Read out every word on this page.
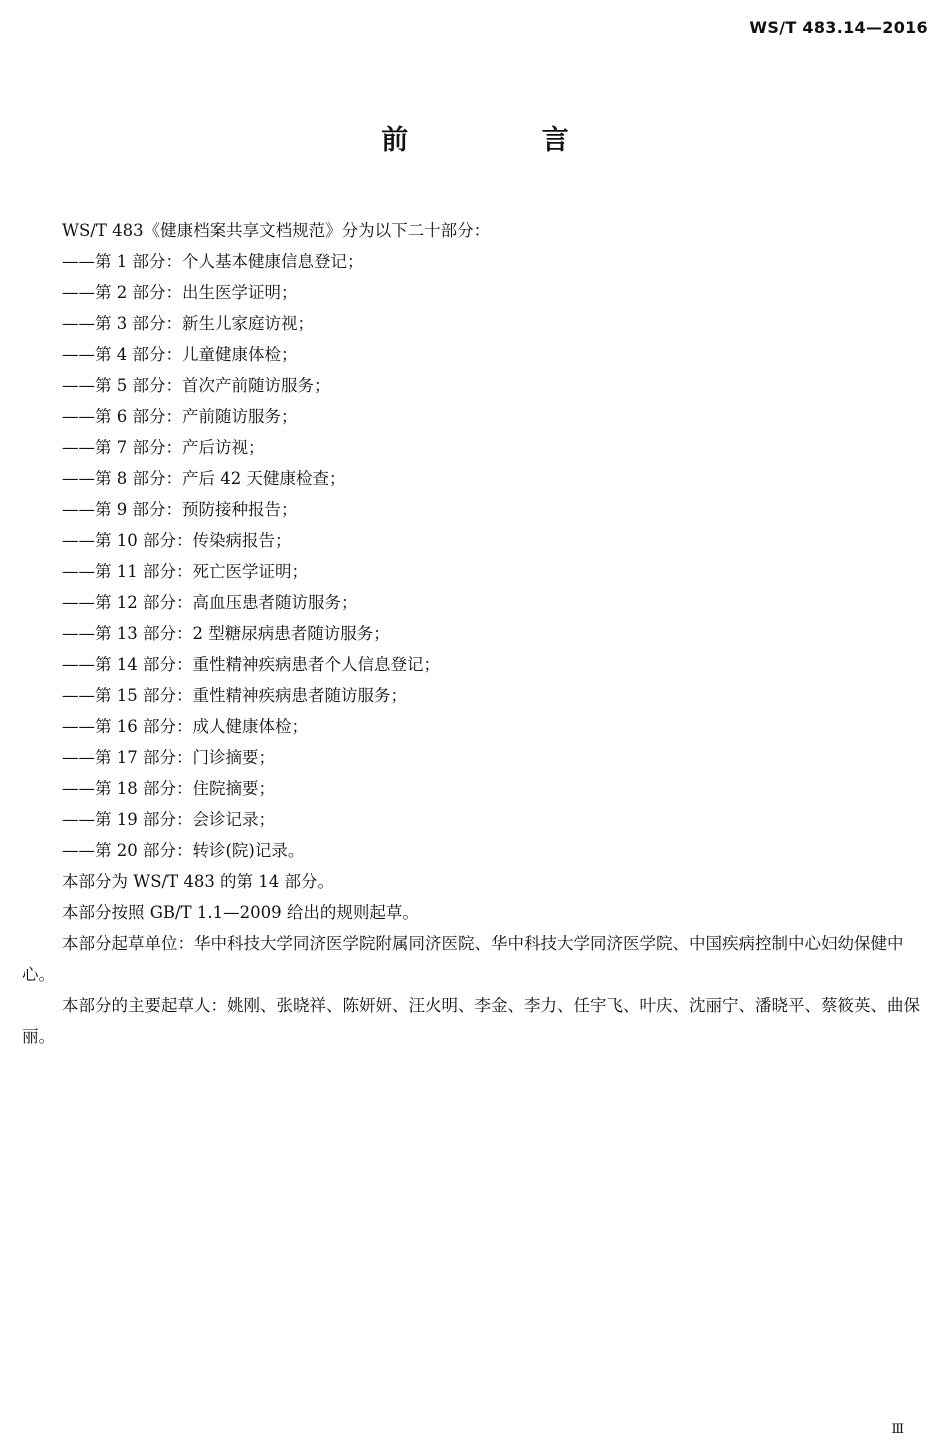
WS/T 483.14—2016
前 言
WS/T 483《健康档案共享文档规范》分为以下二十部分：
——第 1 部分：个人基本健康信息登记；
——第 2 部分：出生医学证明；
——第 3 部分：新生儿家庭访视；
——第 4 部分：儿童健康体检；
——第 5 部分：首次产前随访服务；
——第 6 部分：产前随访服务；
——第 7 部分：产后访视；
——第 8 部分：产后 42 天健康检查；
——第 9 部分：预防接种报告；
——第 10 部分：传染病报告；
——第 11 部分：死亡医学证明；
——第 12 部分：高血压患者随访服务；
——第 13 部分：2 型糖尿病患者随访服务；
——第 14 部分：重性精神疾病患者个人信息登记；
——第 15 部分：重性精神疾病患者随访服务；
——第 16 部分：成人健康体检；
——第 17 部分：门诊摘要；
——第 18 部分：住院摘要；
——第 19 部分：会诊记录；
——第 20 部分：转诊(院)记录。
本部分为 WS/T 483 的第 14 部分。
本部分按照 GB/T 1.1—2009 给出的规则起草。
本部分起草单位：华中科技大学同济医学院附属同济医院、华中科技大学同济医学院、中国疾病控制中心妇幼保健中心。
本部分的主要起草人：姚刚、张晓祥、陈妍妍、汪火明、李金、李力、任宇飞、叶庆、沈丽宁、潘晓平、蔡筱英、曲保丽。
Ⅲ
